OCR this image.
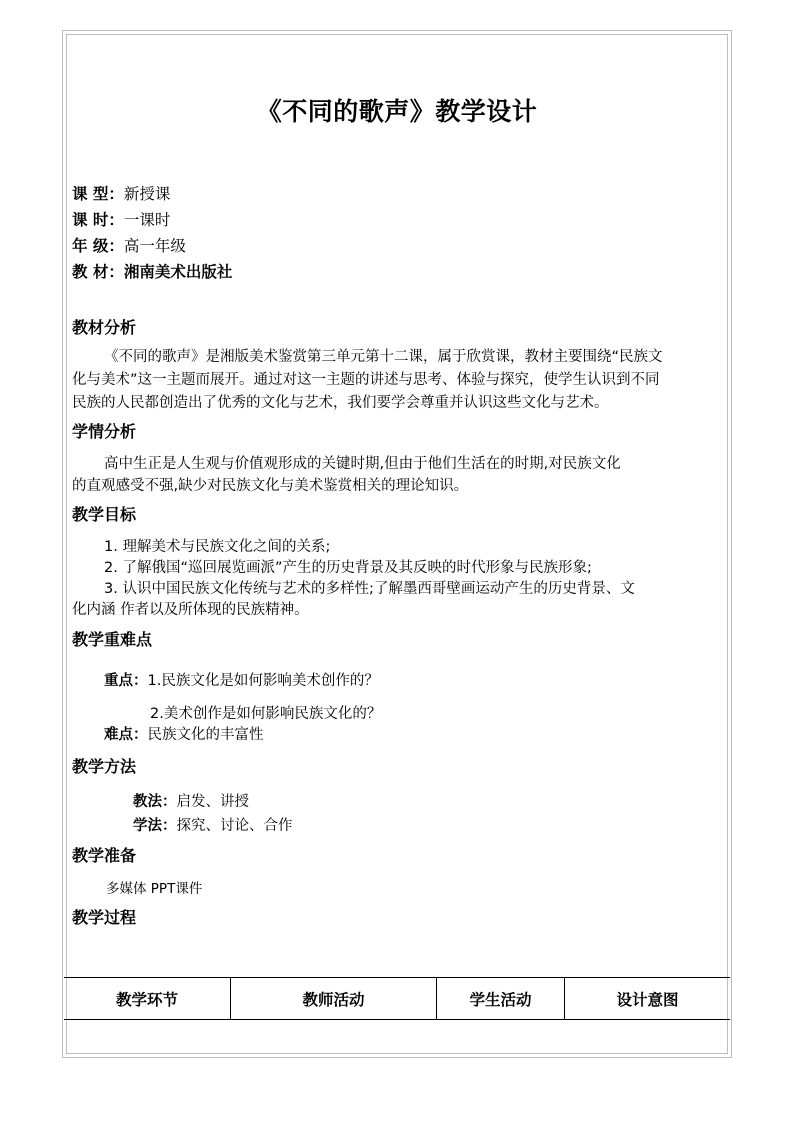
《不同的歌声》教学设计
课 型：新授课
课 时：一课时
年 级：高一年级
教 材：湘南美术出版社
教材分析
《不同的歌声》是湘版美术鉴赏第三单元第十二课，属于欣赏课，教材主要围绕“民族文
化与美术”这一主题而展开。通过对这一主题的讲述与思考、体验与探究，使学生认识到不同
民族的人民都创造出了优秀的文化与艺术，我们要学会尊重并认识这些文化与艺术。
学情分析
高中生正是人生观与价值观形成的关键时期,但由于他们生活在的时期,对民族文化
的直观感受不强,缺少对民族文化与美术鉴赏相关的理论知识。
教学目标
1. 理解美术与民族文化之间的关系;
2. 了解俄国“巡回展览画派”产生的历史背景及其反映的时代形象与民族形象;
3. 认识中国民族文化传统与艺术的多样性;了解墨西哥壁画运动产生的历史背景、文
化内涵 作者以及所体现的民族精神。
教学重难点
重点：1.民族文化是如何影响美术创作的？
2.美术创作是如何影响民族文化的？
难点：民族文化的丰富性
教学方法
教法：启发、讲授
学法：探究、讨论、合作
教学准备
多媒体 PPT课件
教学过程
教学环节	教师活动	学生活动	设计意图
